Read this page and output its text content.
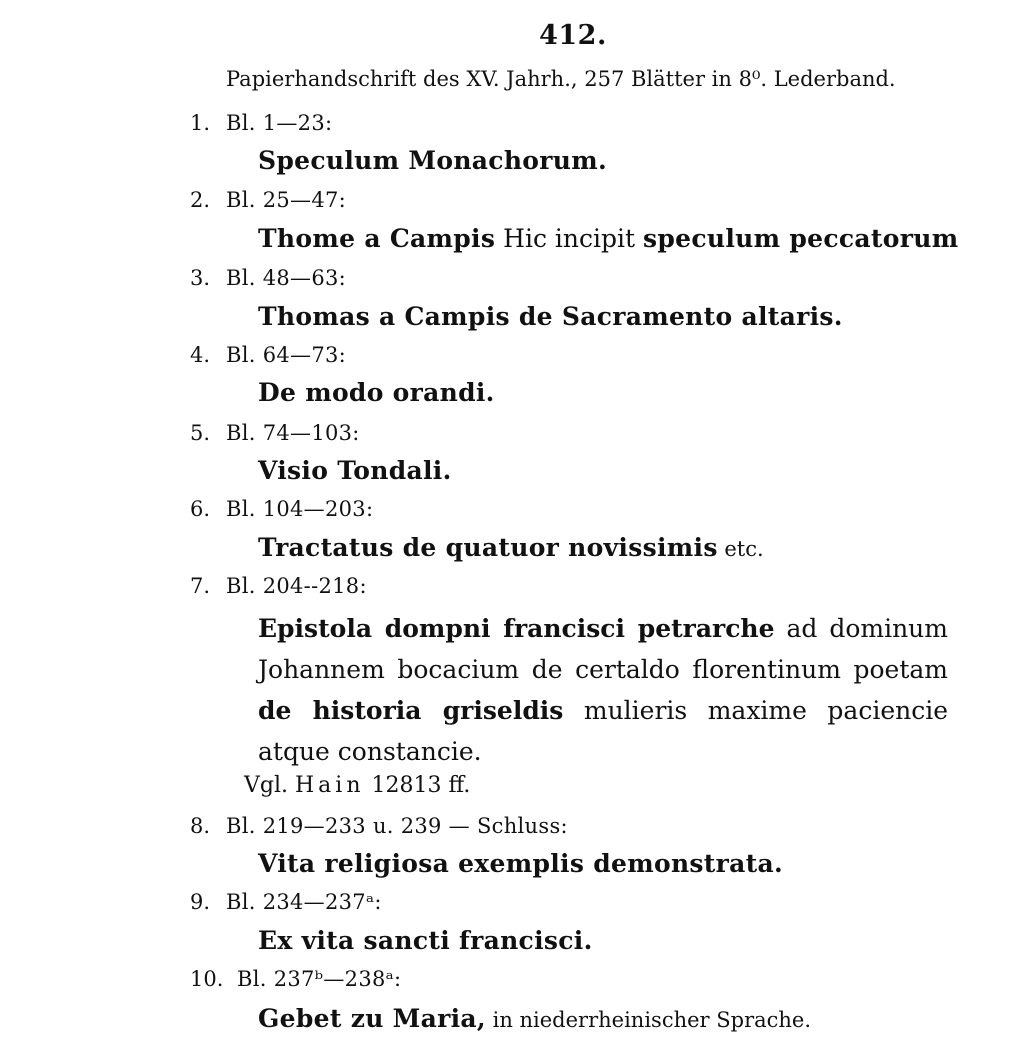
412.
Papierhandschrift des XV. Jahrh., 257 Blätter in 8⁰. Lederband.
1. Bl. 1—23:
Speculum Monachorum.
2. Bl. 25—47:
Thome a Campis Hic incipit speculum peccatorum
3. Bl. 48—63:
Thomas a Campis de Sacramento altaris.
4. Bl. 64—73:
De modo orandi.
5. Bl. 74—103:
Visio Tondali.
6. Bl. 104—203:
Tractatus de quatuor novissimis etc.
7. Bl. 204--218:
Epistola dompni francisci petrarche ad dominum
Johannem bocacium de certaldo florentinum poetam
de historia griseldis mulieris maxime paciencie
atque constancie.
Vgl. Hain 12813 ff.
8. Bl. 219—233 u. 239 — Schluss:
Vita religiosa exemplis demonstrata.
9. Bl. 234—237ᵃ:
Ex vita sancti francisci.
10. Bl. 237ᵇ—238ᵃ:
Gebet zu Maria, in niederrheinischer Sprache.
